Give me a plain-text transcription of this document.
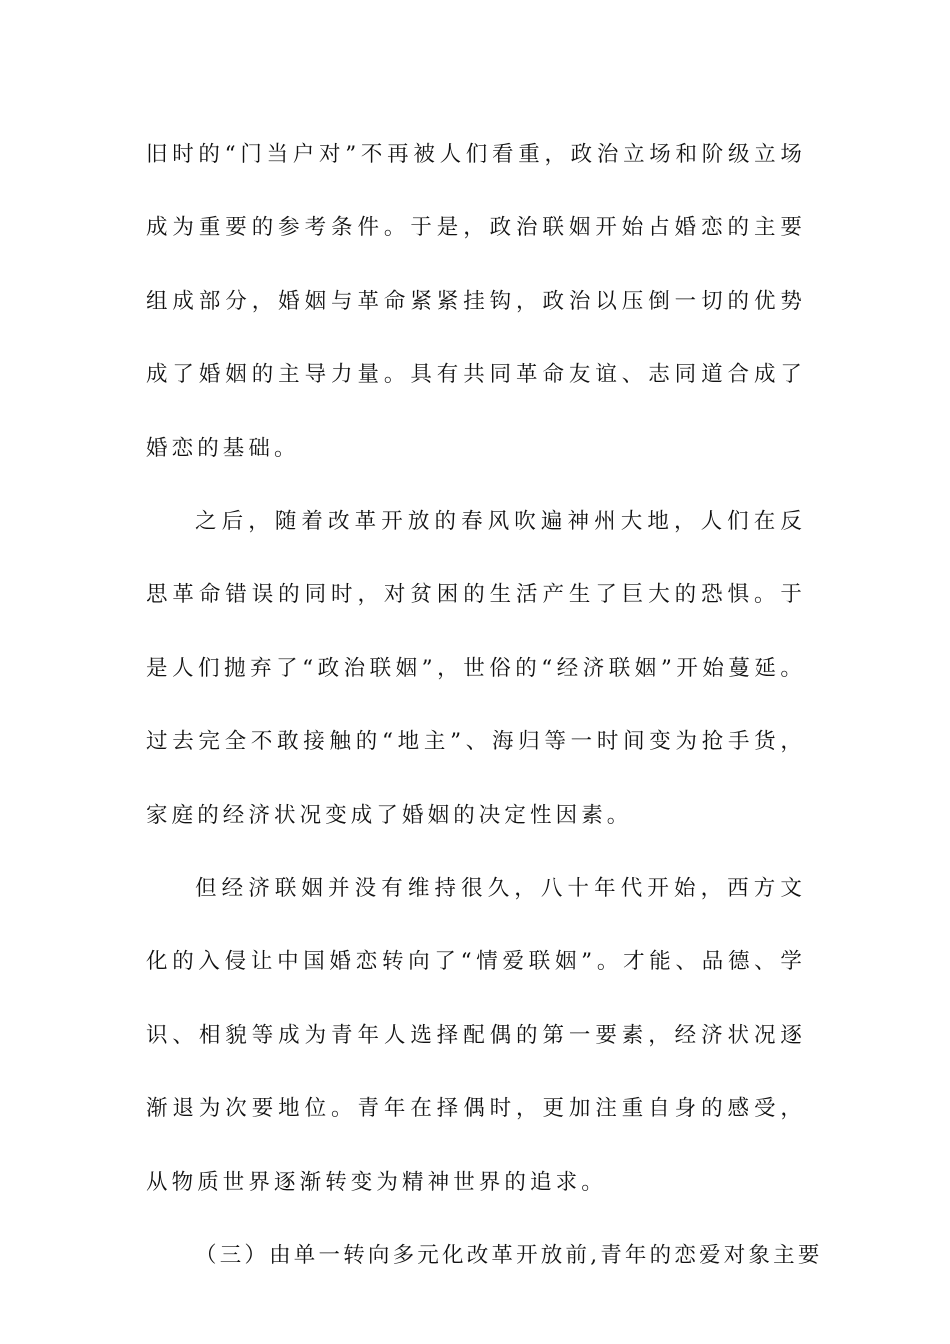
旧时的“门当户对”不再被人们看重，政治立场和阶级立场成为重要的参考条件。于是，政治联姻开始占婚恋的主要组成部分，婚姻与革命紧紧挂钩，政治以压倒一切的优势成了婚姻的主导力量。具有共同革命友谊、志同道合成了婚恋的基础。

之后，随着改革开放的春风吹遍神州大地，人们在反思革命错误的同时，对贫困的生活产生了巨大的恐惧。于是人们抛弃了“政治联姻”，世俗的“经济联姻”开始蔓延。过去完全不敢接触的“地主”、海归等一时间变为抢手货，家庭的经济状况变成了婚姻的决定性因素。

但经济联姻并没有维持很久，八十年代开始，西方文化的入侵让中国婚恋转向了“情爱联姻”。才能、品德、学识、相貌等成为青年人选择配偶的第一要素，经济状况逐渐退为次要地位。青年在择偶时，更加注重自身的感受，从物质世界逐渐转变为精神世界的追求。

（三）由单一转向多元化改革开放前,青年的恋爱对象主要
